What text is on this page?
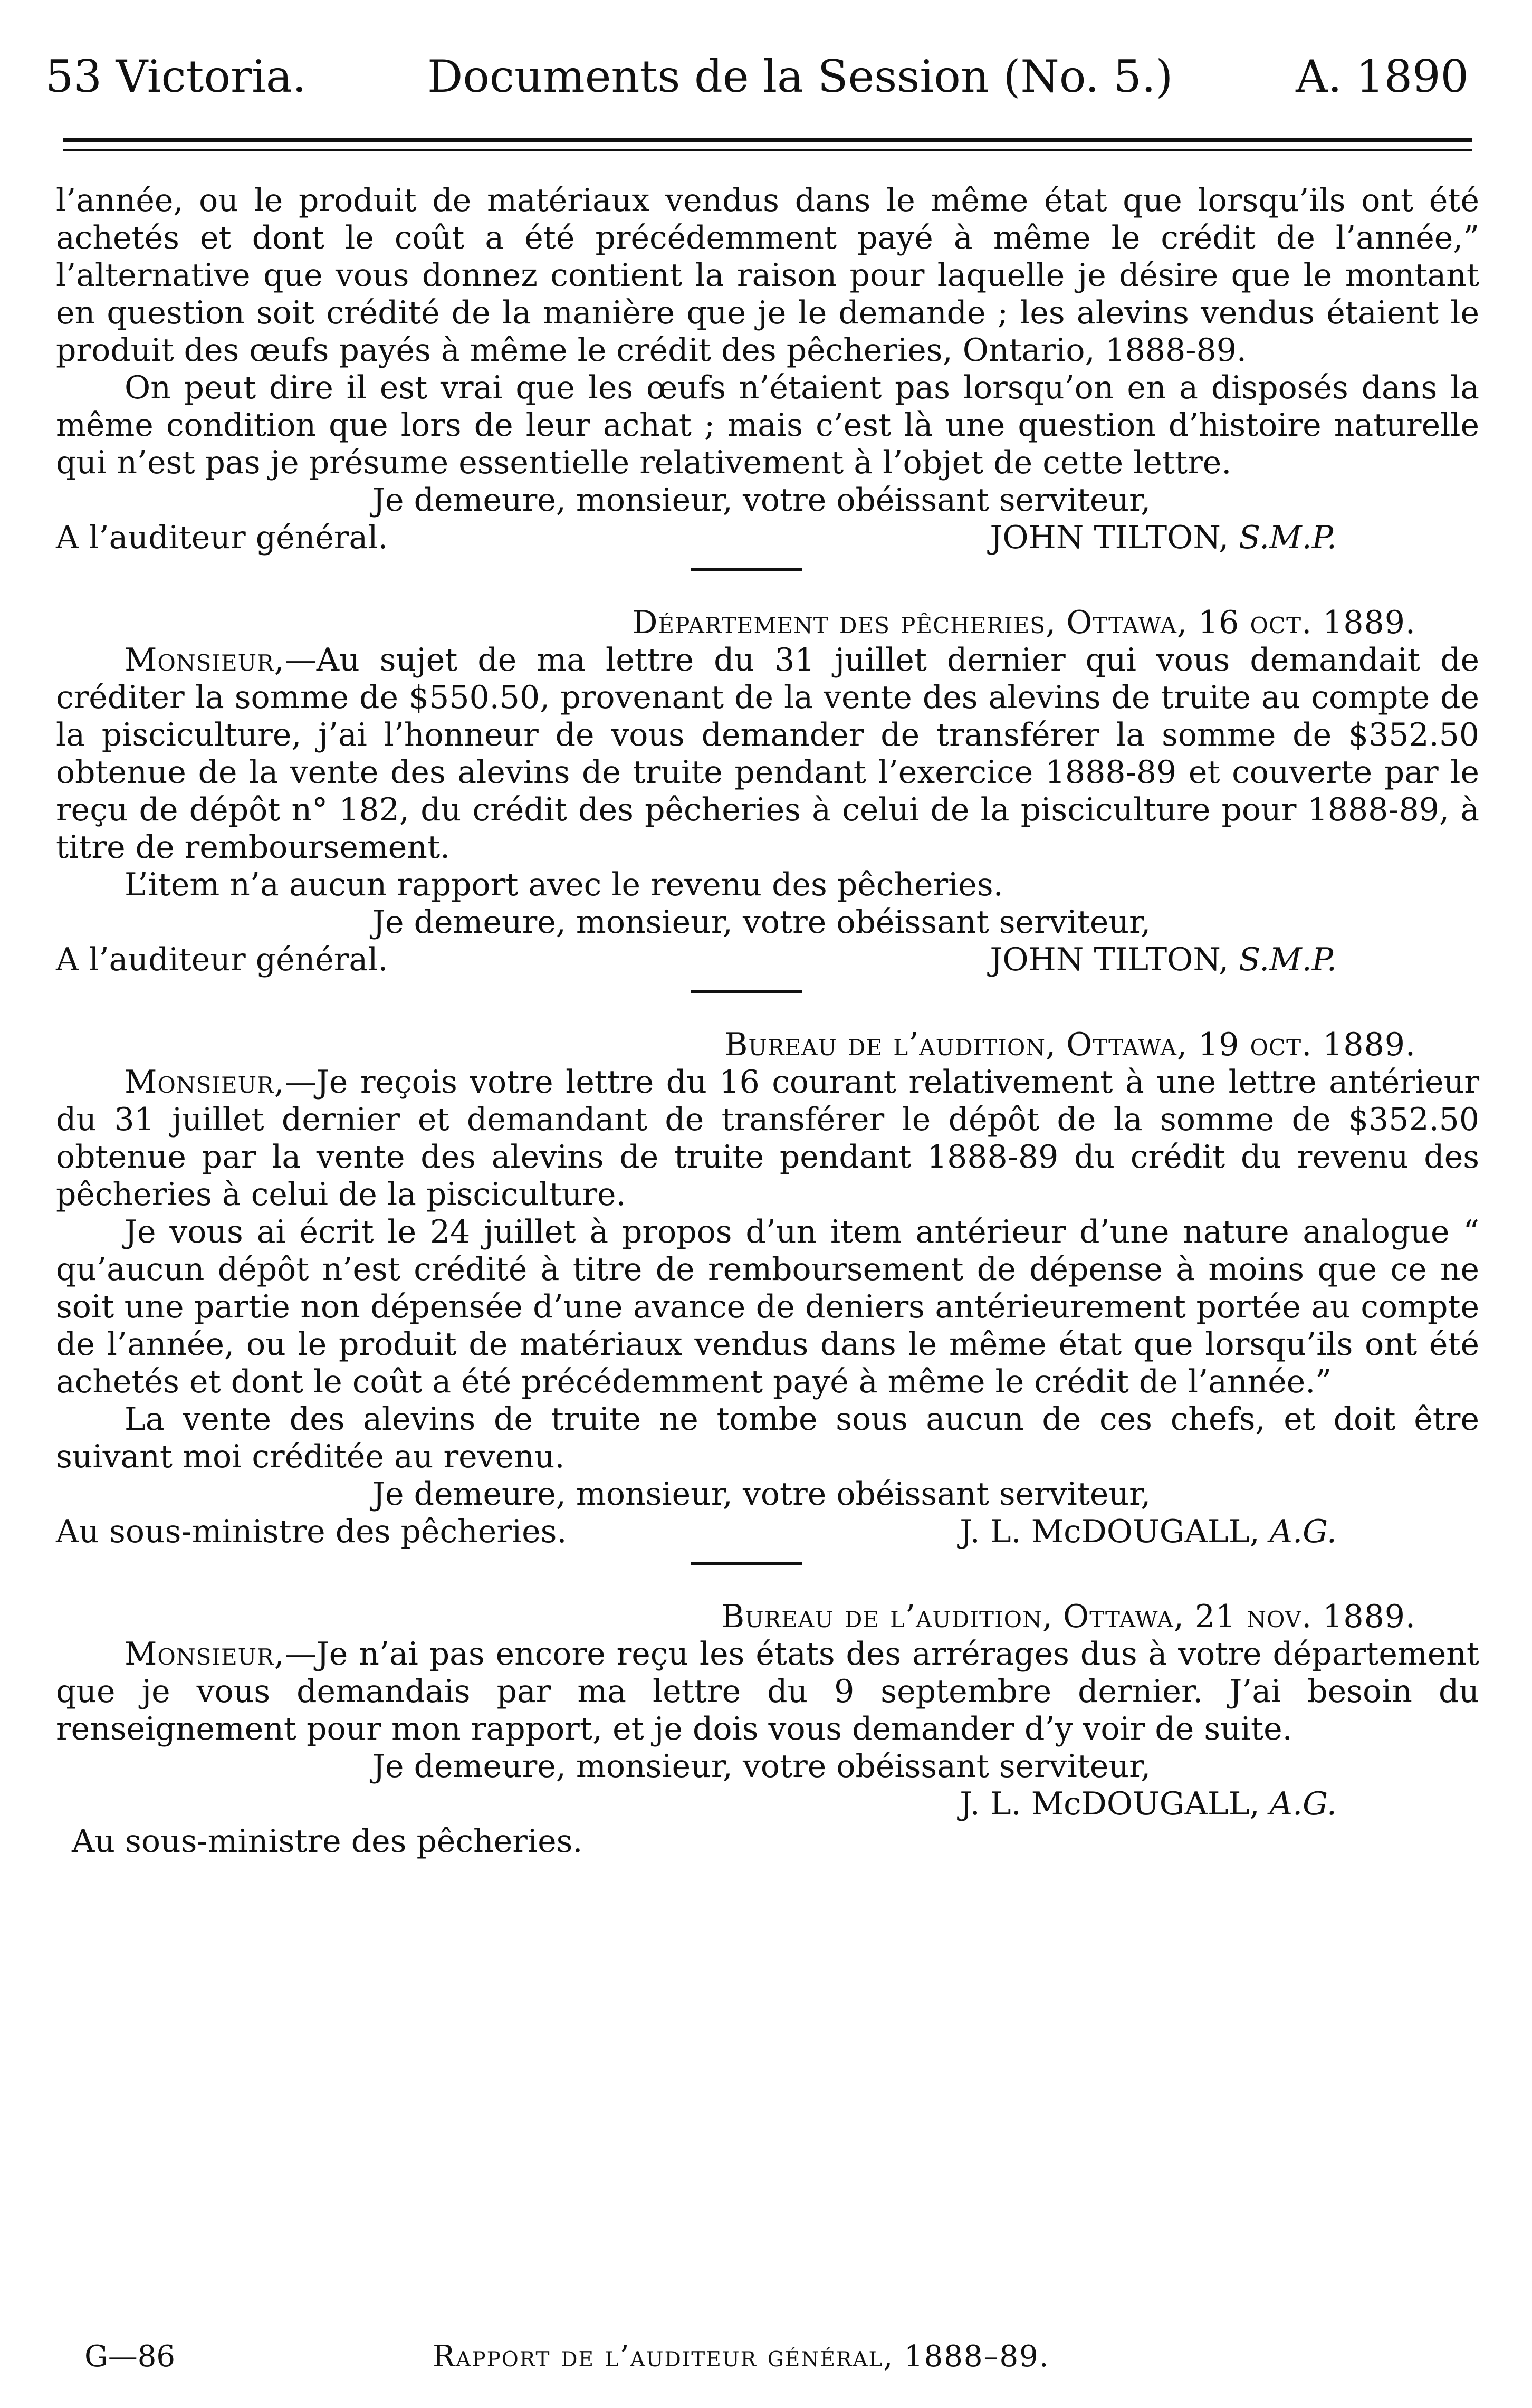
53 Victoria.	Documents de la Session (No. 5.)	A. 1890

l’année, ou le produit de matériaux vendus dans le même état que lorsqu’ils ont été achetés et dont le coût a été précédemment payé à même le crédit de l’année,” l’alternative que vous donnez contient la raison pour laquelle je désire que le montant en question soit crédité de la manière que je le demande ; les alevins vendus étaient le produit des œufs payés à même le crédit des pêcheries, Ontario, 1888-89.

On peut dire il est vrai que les œufs n’étaient pas lorsqu’on en a disposés dans la même condition que lors de leur achat ; mais c’est là une question d’histoire naturelle qui n’est pas je présume essentielle relativement à l’objet de cette lettre.

Je demeure, monsieur, votre obéissant serviteur,

A l’auditeur général.	JOHN TILTON, S.M.P.

Département des pêcheries, Ottawa, 16 oct. 1889.

Monsieur,—Au sujet de ma lettre du 31 juillet dernier qui vous demandait de créditer la somme de $550.50, provenant de la vente des alevins de truite au compte de la pisciculture, j’ai l’honneur de vous demander de transférer la somme de $352.50 obtenue de la vente des alevins de truite pendant l’exercice 1888-89 et couverte par le reçu de dépôt n° 182, du crédit des pêcheries à celui de la pisciculture pour 1888-89, à titre de remboursement.

L’item n’a aucun rapport avec le revenu des pêcheries.

Je demeure, monsieur, votre obéissant serviteur,

A l’auditeur général.	JOHN TILTON, S.M.P.

Bureau de l’audition, Ottawa, 19 oct. 1889.

Monsieur,—Je reçois votre lettre du 16 courant relativement à une lettre antérieur du 31 juillet dernier et demandant de transférer le dépôt de la somme de $352.50 obtenue par la vente des alevins de truite pendant 1888-89 du crédit du revenu des pêcheries à celui de la pisciculture.

Je vous ai écrit le 24 juillet à propos d’un item antérieur d’une nature analogue “ qu’aucun dépôt n’est crédité à titre de remboursement de dépense à moins que ce ne soit une partie non dépensée d’une avance de deniers antérieurement portée au compte de l’année, ou le produit de matériaux vendus dans le même état que lorsqu’ils ont été achetés et dont le coût a été précédemment payé à même le crédit de l’année.”

La vente des alevins de truite ne tombe sous aucun de ces chefs, et doit être suivant moi créditée au revenu.

Je demeure, monsieur, votre obéissant serviteur,

Au sous-ministre des pêcheries.	J. L. McDOUGALL, A.G.

Bureau de l’audition, Ottawa, 21 nov. 1889.

Monsieur,—Je n’ai pas encore reçu les états des arrérages dus à votre département que je vous demandais par ma lettre du 9 septembre dernier. J’ai besoin du renseignement pour mon rapport, et je dois vous demander d’y voir de suite.

Je demeure, monsieur, votre obéissant serviteur,

J. L. McDOUGALL, A.G.

Au sous-ministre des pêcheries.

G—86	Rapport de l’auditeur général, 1888–89.
